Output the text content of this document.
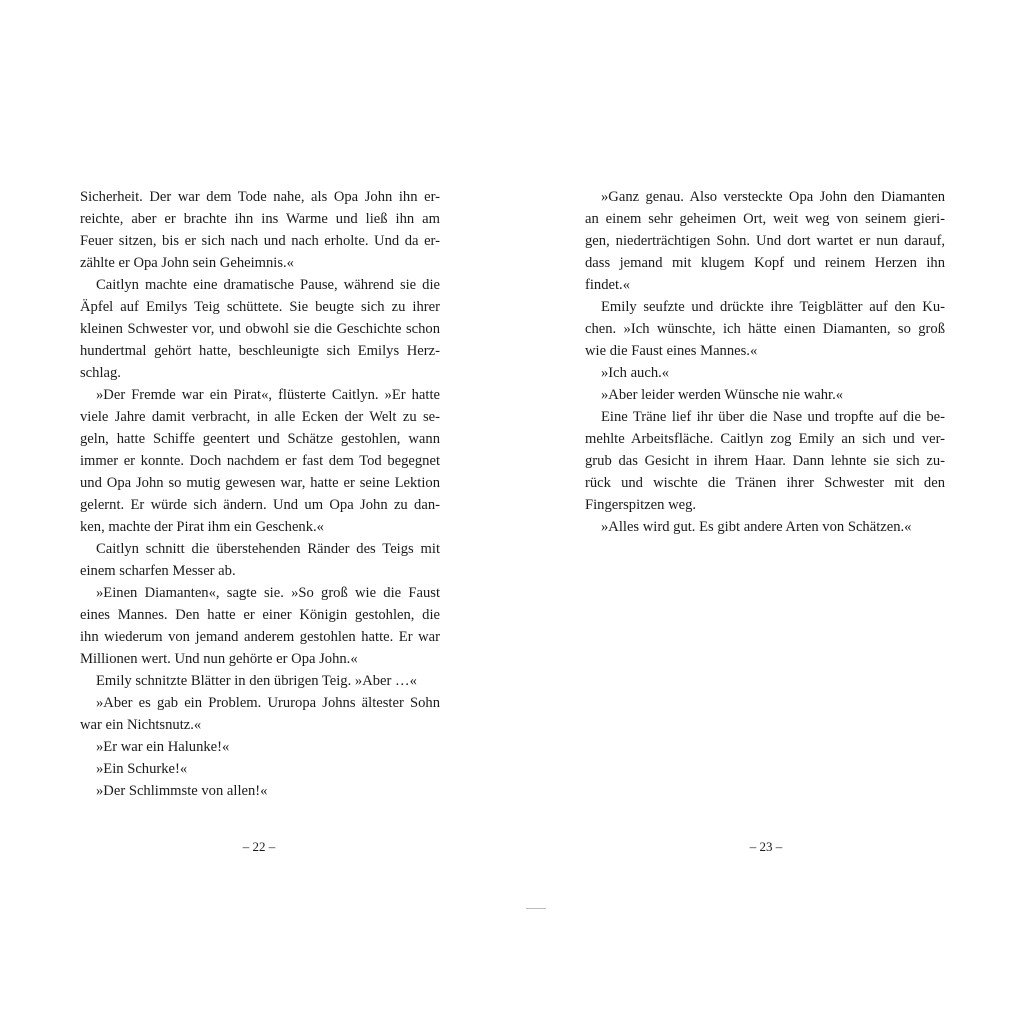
Sicherheit. Der war dem Tode nahe, als Opa John ihn er-
reichte, aber er brachte ihn ins Warme und ließ ihn am
Feuer sitzen, bis er sich nach und nach erholte. Und da er-
zählte er Opa John sein Geheimnis.«
Caitlyn machte eine dramatische Pause, während sie die
Äpfel auf Emilys Teig schüttete. Sie beugte sich zu ihrer
kleinen Schwester vor, und obwohl sie die Geschichte schon
hundertmal gehört hatte, beschleunigte sich Emilys Herz-
schlag.
»Der Fremde war ein Pirat«, flüsterte Caitlyn. »Er hatte
viele Jahre damit verbracht, in alle Ecken der Welt zu se-
geln, hatte Schiffe geentert und Schätze gestohlen, wann
immer er konnte. Doch nachdem er fast dem Tod begegnet
und Opa John so mutig gewesen war, hatte er seine Lektion
gelernt. Er würde sich ändern. Und um Opa John zu dan-
ken, machte der Pirat ihm ein Geschenk.«
Caitlyn schnitt die überstehenden Ränder des Teigs mit
einem scharfen Messer ab.
»Einen Diamanten«, sagte sie. »So groß wie die Faust
eines Mannes. Den hatte er einer Königin gestohlen, die
ihn wiederum von jemand anderem gestohlen hatte. Er war
Millionen wert. Und nun gehörte er Opa John.«
Emily schnitzte Blätter in den übrigen Teig. »Aber …«
»Aber es gab ein Problem. Ururopa Johns ältester Sohn
war ein Nichtsnutz.«
»Er war ein Halunke!«
»Ein Schurke!«
»Der Schlimmste von allen!«
– 22 –
»Ganz genau. Also versteckte Opa John den Diamanten
an einem sehr geheimen Ort, weit weg von seinem gieri-
gen, niederträchtigen Sohn. Und dort wartet er nun darauf,
dass jemand mit klugem Kopf und reinem Herzen ihn
findet.«
Emily seufzte und drückte ihre Teigblätter auf den Ku-
chen. »Ich wünschte, ich hätte einen Diamanten, so groß
wie die Faust eines Mannes.«
»Ich auch.«
»Aber leider werden Wünsche nie wahr.«
Eine Träne lief ihr über die Nase und tropfte auf die be-
mehlte Arbeitsfläche. Caitlyn zog Emily an sich und ver-
grub das Gesicht in ihrem Haar. Dann lehnte sie sich zu-
rück und wischte die Tränen ihrer Schwester mit den
Fingerspitzen weg.
»Alles wird gut. Es gibt andere Arten von Schätzen.«
– 23 –
